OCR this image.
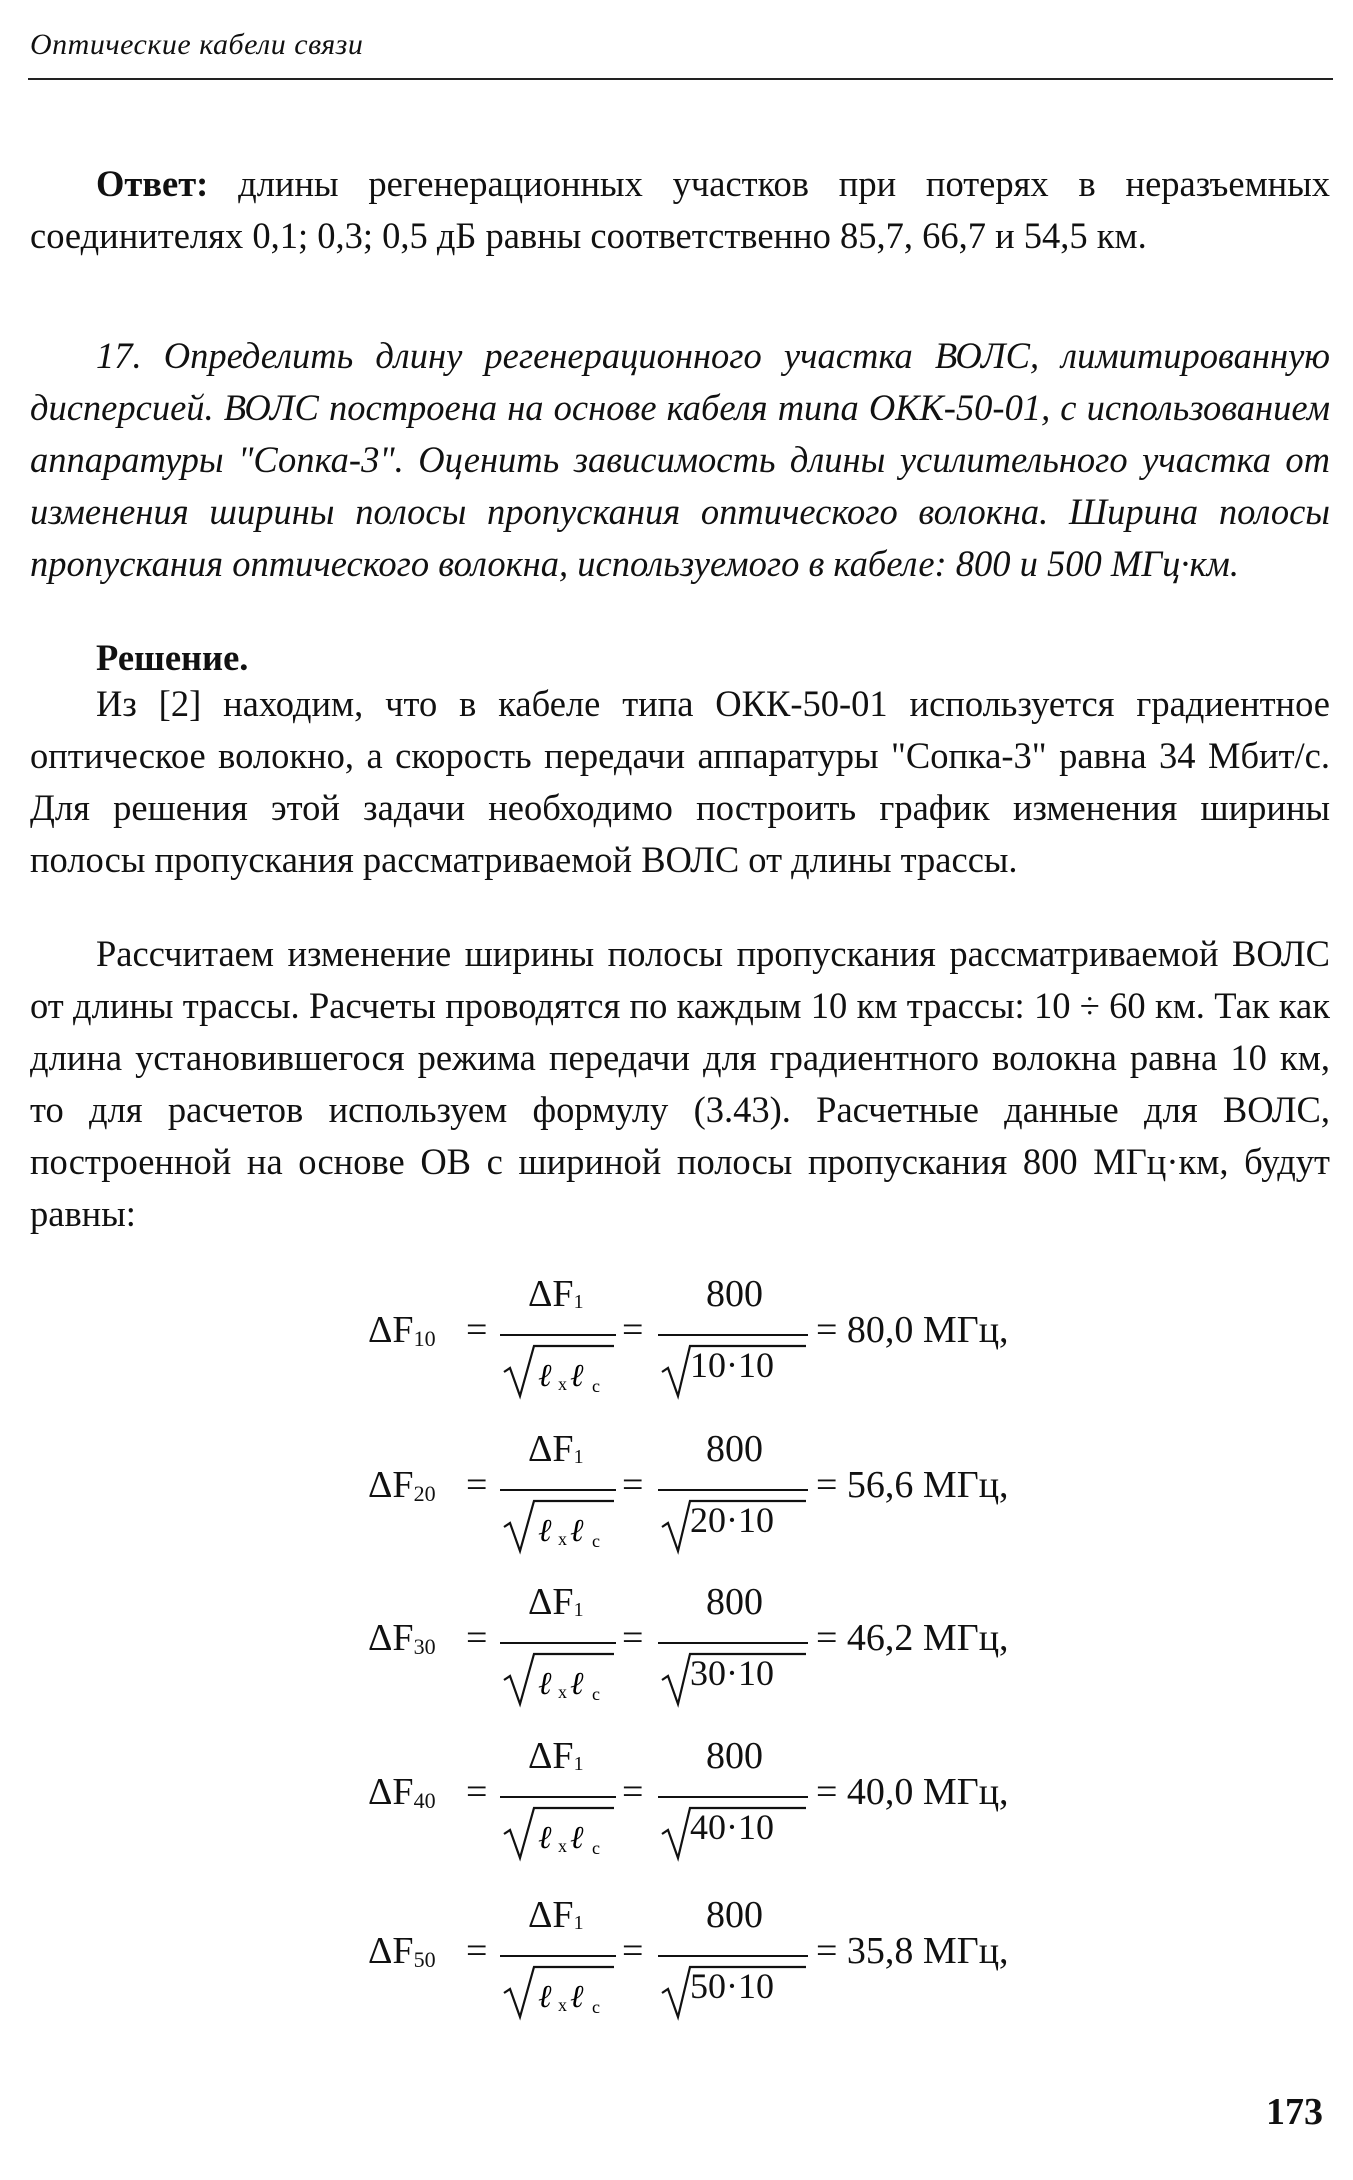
Оптические кабели связи

Ответ: длины регенерационных участков при потерях в неразъемных соединителях 0,1; 0,3; 0,5 дБ равны соответственно 85,7, 66,7 и 54,5 км.

17. Определить длину регенерационного участка ВОЛС, лимитированную дисперсией. ВОЛС построена на основе кабеля типа ОКК-50-01, с использованием аппаратуры "Сопка-3". Оценить зависимость длины усилительного участка от изменения ширины полосы пропускания оптического волокна. Ширина полосы пропускания оптического волокна, используемого в кабеле: 800 и 500 МГц·км.

Решение.

Из [2] находим, что в кабеле типа ОКК-50-01 используется градиентное оптическое волокно, а скорость передачи аппаратуры "Сопка-3" равна 34 Мбит/с. Для решения этой задачи необходимо построить график изменения ширины полосы пропускания рассматриваемой ВОЛС от длины трассы.

Рассчитаем изменение ширины полосы пропускания рассматриваемой ВОЛС от длины трассы. Расчеты проводятся по каждым 10 км трассы: 10 ÷ 60 км. Так как длина установившегося режима передачи для градиентного волокна равна 10 км, то для расчетов используем формулу (3.43). Расчетные данные для ВОЛС, построенной на основе ОВ с шириной полосы пропускания 800 МГц·км, будут равны:

$\Delta F_{10}$ =
$\Delta F_1$
ℓ x ℓ c
=
800
10·10
= 80,0 МГц,
$\Delta F_{20}$ =
$\Delta F_1$
ℓ x ℓ c
=
800
20·10
= 56,6 МГц,
$\Delta F_{30}$ =
$\Delta F_1$
ℓ x ℓ c
=
800
30·10
= 46,2 МГц,
$\Delta F_{40}$ =
$\Delta F_1$
ℓ x ℓ c
=
800
40·10
= 40,0 МГц,
$\Delta F_{50}$ =
$\Delta F_1$
ℓ x ℓ c
=
800
50·10
= 35,8 МГц,
173
